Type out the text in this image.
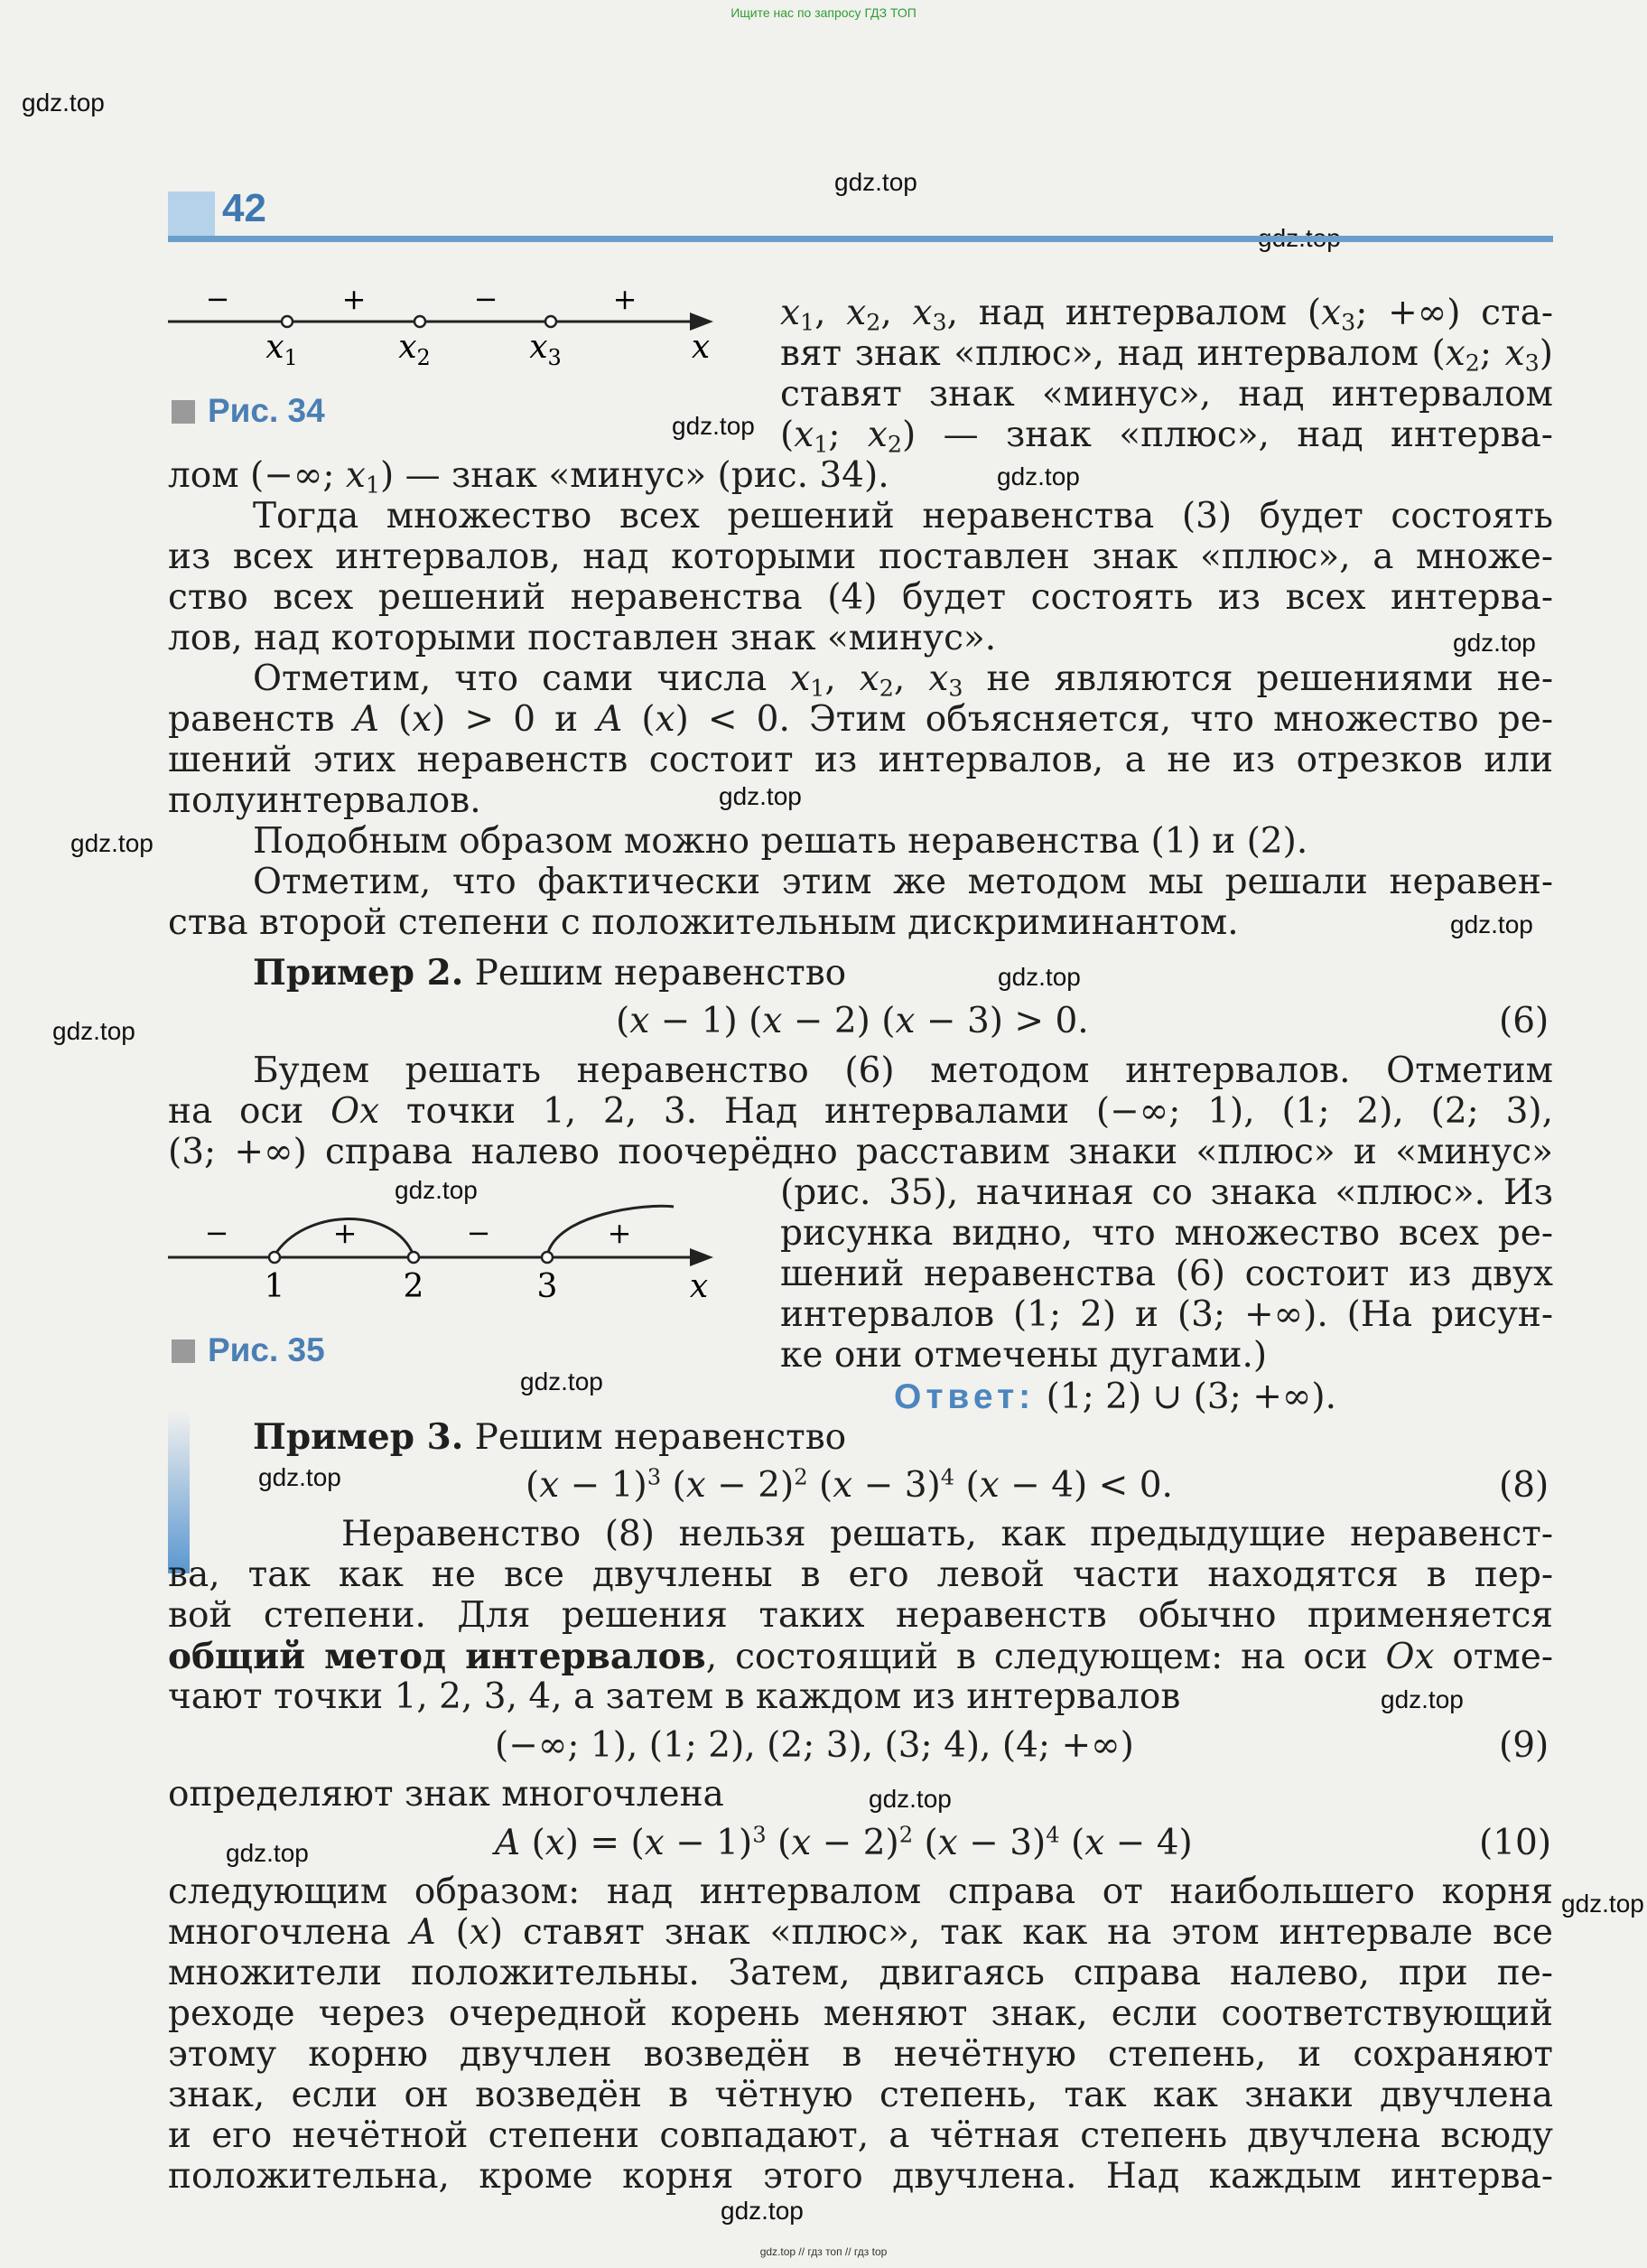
Ищите нас по запросу ГДЗ ТОП
gdz.top // гдз топ // гдз top
gdz.top
gdz.top
gdz.top
gdz.top
gdz.top
gdz.top
gdz.top
gdz.top
gdz.top
gdz.top
gdz.top
gdz.top
gdz.top
gdz.top
gdz.top
gdz.top
gdz.top
gdz.top
42
−	+	−	+
$x_1$	$x_2$	$x_3$	x
Рис. 34
−	+	−	+
1	2	3	x
Рис. 35
$x_1$, $x_2$, $x_3$, над интервалом ($x_3$; +∞) ста-
вят знак «плюс», над интервалом ($x_2$; $x_3$)
ставят знак «минус», над интервалом
($x_1$; $x_2$) — знак «плюс», над интерва-
лом (−∞; $x_1$) — знак «минус» (рис. 34).
Тогда множество всех решений неравенства (3) будет состоять
из всех интервалов, над которыми поставлен знак «плюс», а множе-
ство всех решений неравенства (4) будет состоять из всех интерва-
лов, над которыми поставлен знак «минус».
Отметим, что сами числа $x_1$, $x_2$, $x_3$ не являются решениями не-
равенств A (x) > 0 и A (x) < 0. Этим объясняется, что множество ре-
шений этих неравенств состоит из интервалов, а не из отрезков или
полуинтервалов.
Подобным образом можно решать неравенства (1) и (2).
Отметим, что фактически этим же методом мы решали неравен-
ства второй степени с положительным дискриминантом.
Пример 2. Решим неравенство
(x − 1) (x − 2) (x − 3) > 0.	(6)
Будем решать неравенство (6) методом интервалов. Отметим
на оси Ox точки 1, 2, 3. Над интервалами (−∞; 1), (1; 2), (2; 3),
(3; +∞) справа налево поочерёдно расставим знаки «плюс» и «минус»
(рис. 35), начиная со знака «плюс». Из
рисунка видно, что множество всех ре-
шений неравенства (6) состоит из двух
интервалов (1; 2) и (3; +∞). (На рисун-
ке они отмечены дугами.)
Ответ: (1; 2) ∪ (3; +∞).
Пример 3. Решим неравенство
$(x - 1)^3$ $(x - 2)^2$ $(x - 3)^4$ (x − 4) < 0.	(8)
Неравенство (8) нельзя решать, как предыдущие неравенст-
ва, так как не все двучлены в его левой части находятся в пер-
вой степени. Для решения таких неравенств обычно применяется
общий метод интервалов, состоящий в следующем: на оси Ox отме-
чают точки 1, 2, 3, 4, а затем в каждом из интервалов
(−∞; 1), (1; 2), (2; 3), (3; 4), (4; +∞)	(9)
определяют знак многочлена
A $(x) = (x - 1)^3$ $(x - 2)^2$ $(x - 3)^4$ (x − 4)	(10)
следующим образом: над интервалом справа от наибольшего корня
многочлена A (x) ставят знак «плюс», так как на этом интервале все
множители положительны. Затем, двигаясь справа налево, при пе-
реходе через очередной корень меняют знак, если соответствующий
этому корню двучлен возведён в нечётную степень, и сохраняют
знак, если он возведён в чётную степень, так как знаки двучлена
и его нечётной степени совпадают, а чётная степень двучлена всюду
положительна, кроме корня этого двучлена. Над каждым интерва-
